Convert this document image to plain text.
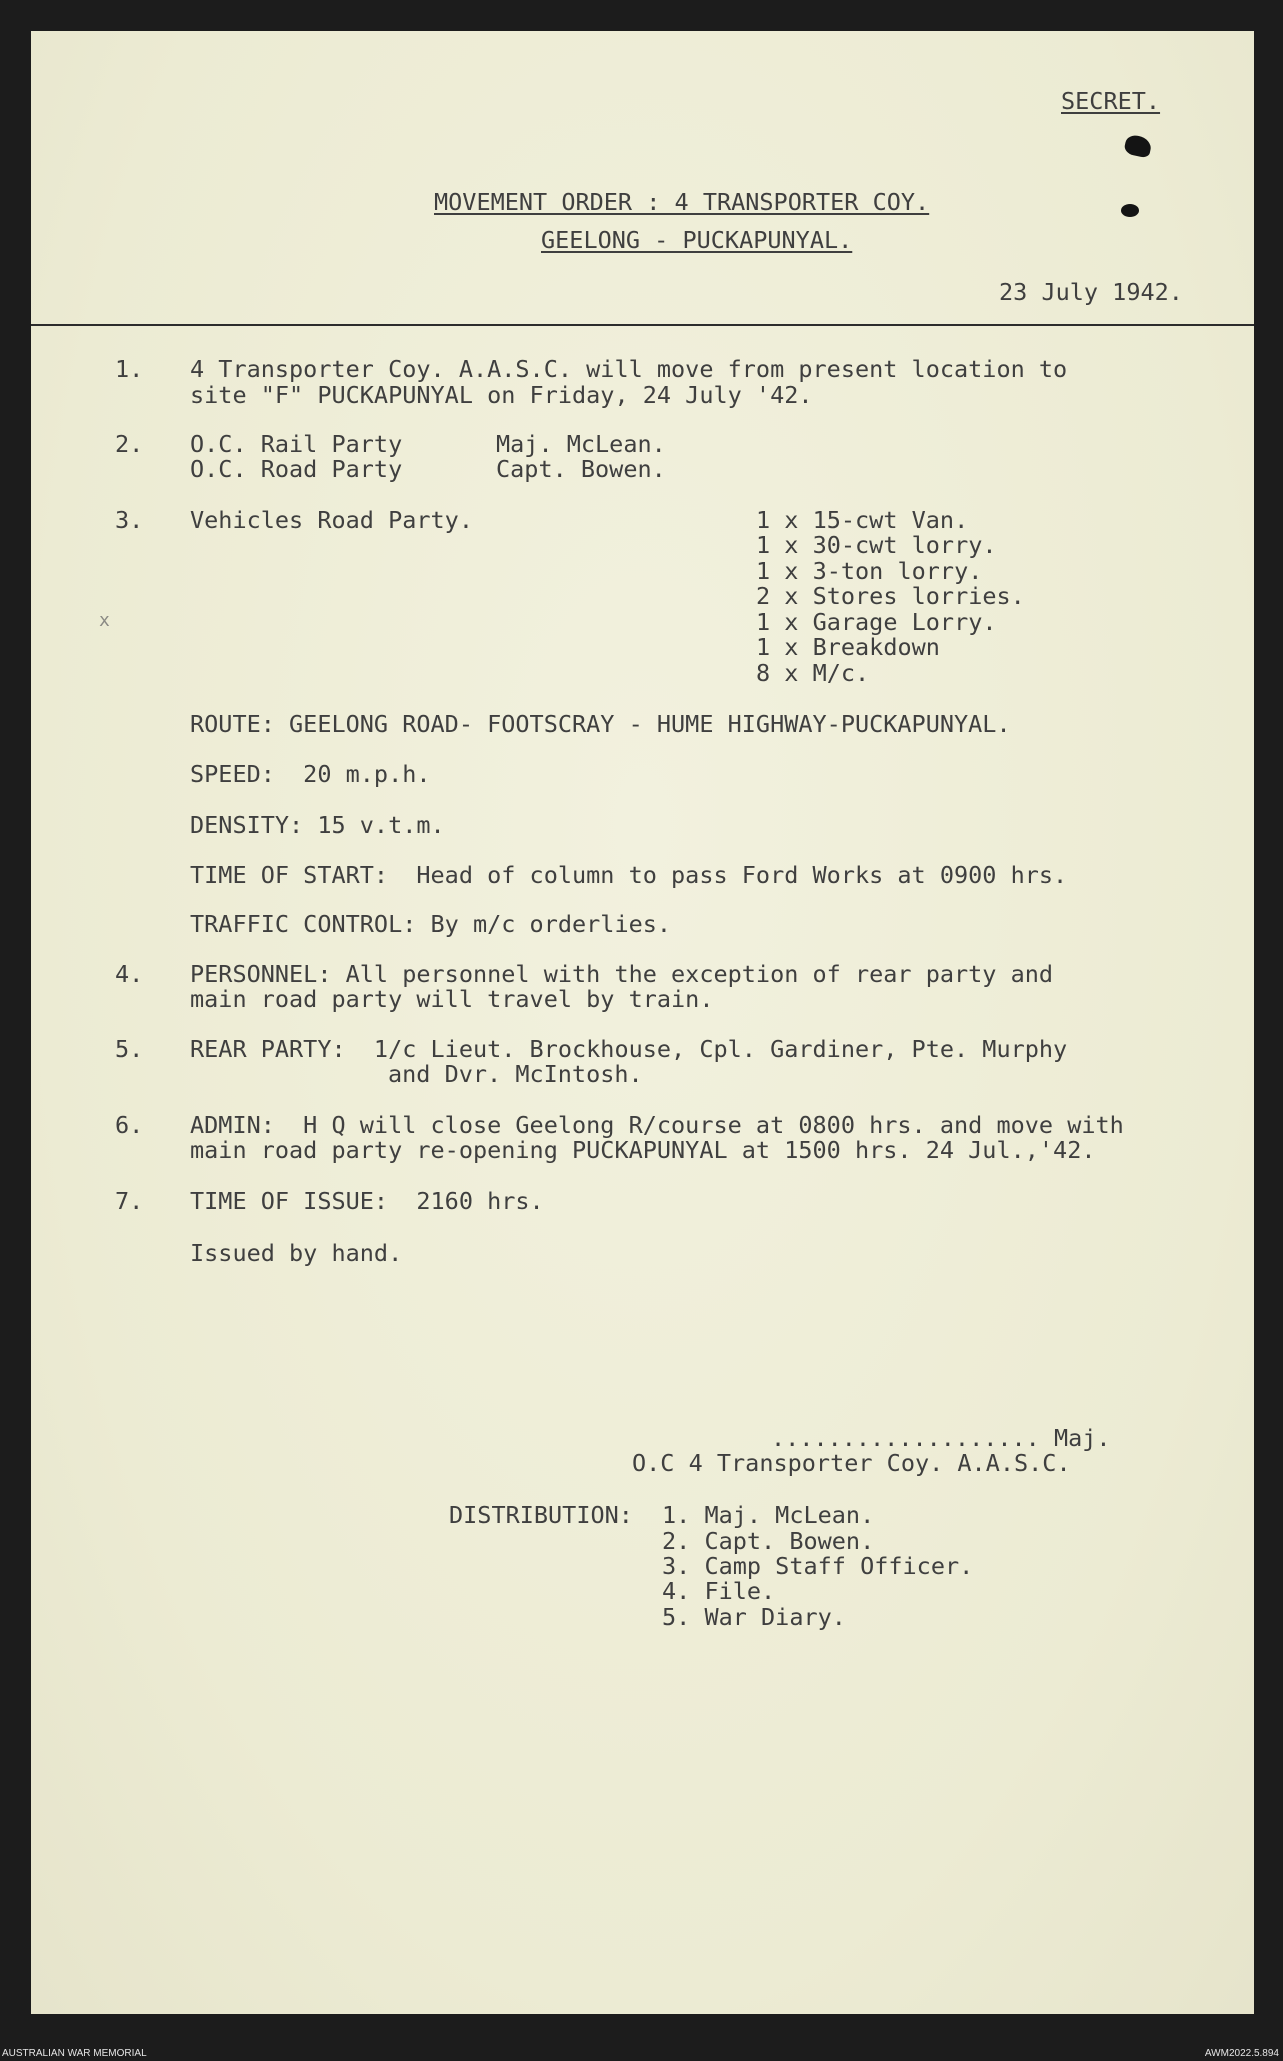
SECRET.
MOVEMENT ORDER : 4 TRANSPORTER COY.
GEELONG - PUCKAPUNYAL.
23 July 1942.
1. 4 Transporter Coy. A.A.S.C. will move from present location to
site "F" PUCKAPUNYAL on Friday, 24 July '42.
2. O.C. Rail Party	Maj. McLean.
O.C. Road Party	Capt. Bowen.
3. Vehicles Road Party.	1 x 15-cwt Van.
1 x 30-cwt lorry.
1 x 3-ton lorry.
2 x Stores lorries.
1 x Garage Lorry.
1 x Breakdown
8 x M/c.
x
ROUTE: GEELONG ROAD- FOOTSCRAY - HUME HIGHWAY-PUCKAPUNYAL.
SPEED:  20 m.p.h.
DENSITY: 15 v.t.m.
TIME OF START:  Head of column to pass Ford Works at 0900 hrs.
TRAFFIC CONTROL: By m/c orderlies.
4. PERSONNEL: All personnel with the exception of rear party and
main road party will travel by train.
5. REAR PARTY:  1/c Lieut. Brockhouse, Cpl. Gardiner, Pte. Murphy
and Dvr. McIntosh.
6. ADMIN:  H Q will close Geelong R/course at 0800 hrs. and move with
main road party re-opening PUCKAPUNYAL at 1500 hrs. 24 Jul.,'42.
7. TIME OF ISSUE:  2160 hrs.
Issued by hand.
................... Maj.
O.C 4 Transporter Coy. A.A.S.C.
DISTRIBUTION: 1. Maj. McLean.
2. Capt. Bowen.
3. Camp Staff Officer.
4. File.
5. War Diary.
AUSTRALIAN WAR MEMORIAL	AWM2022.5.894
